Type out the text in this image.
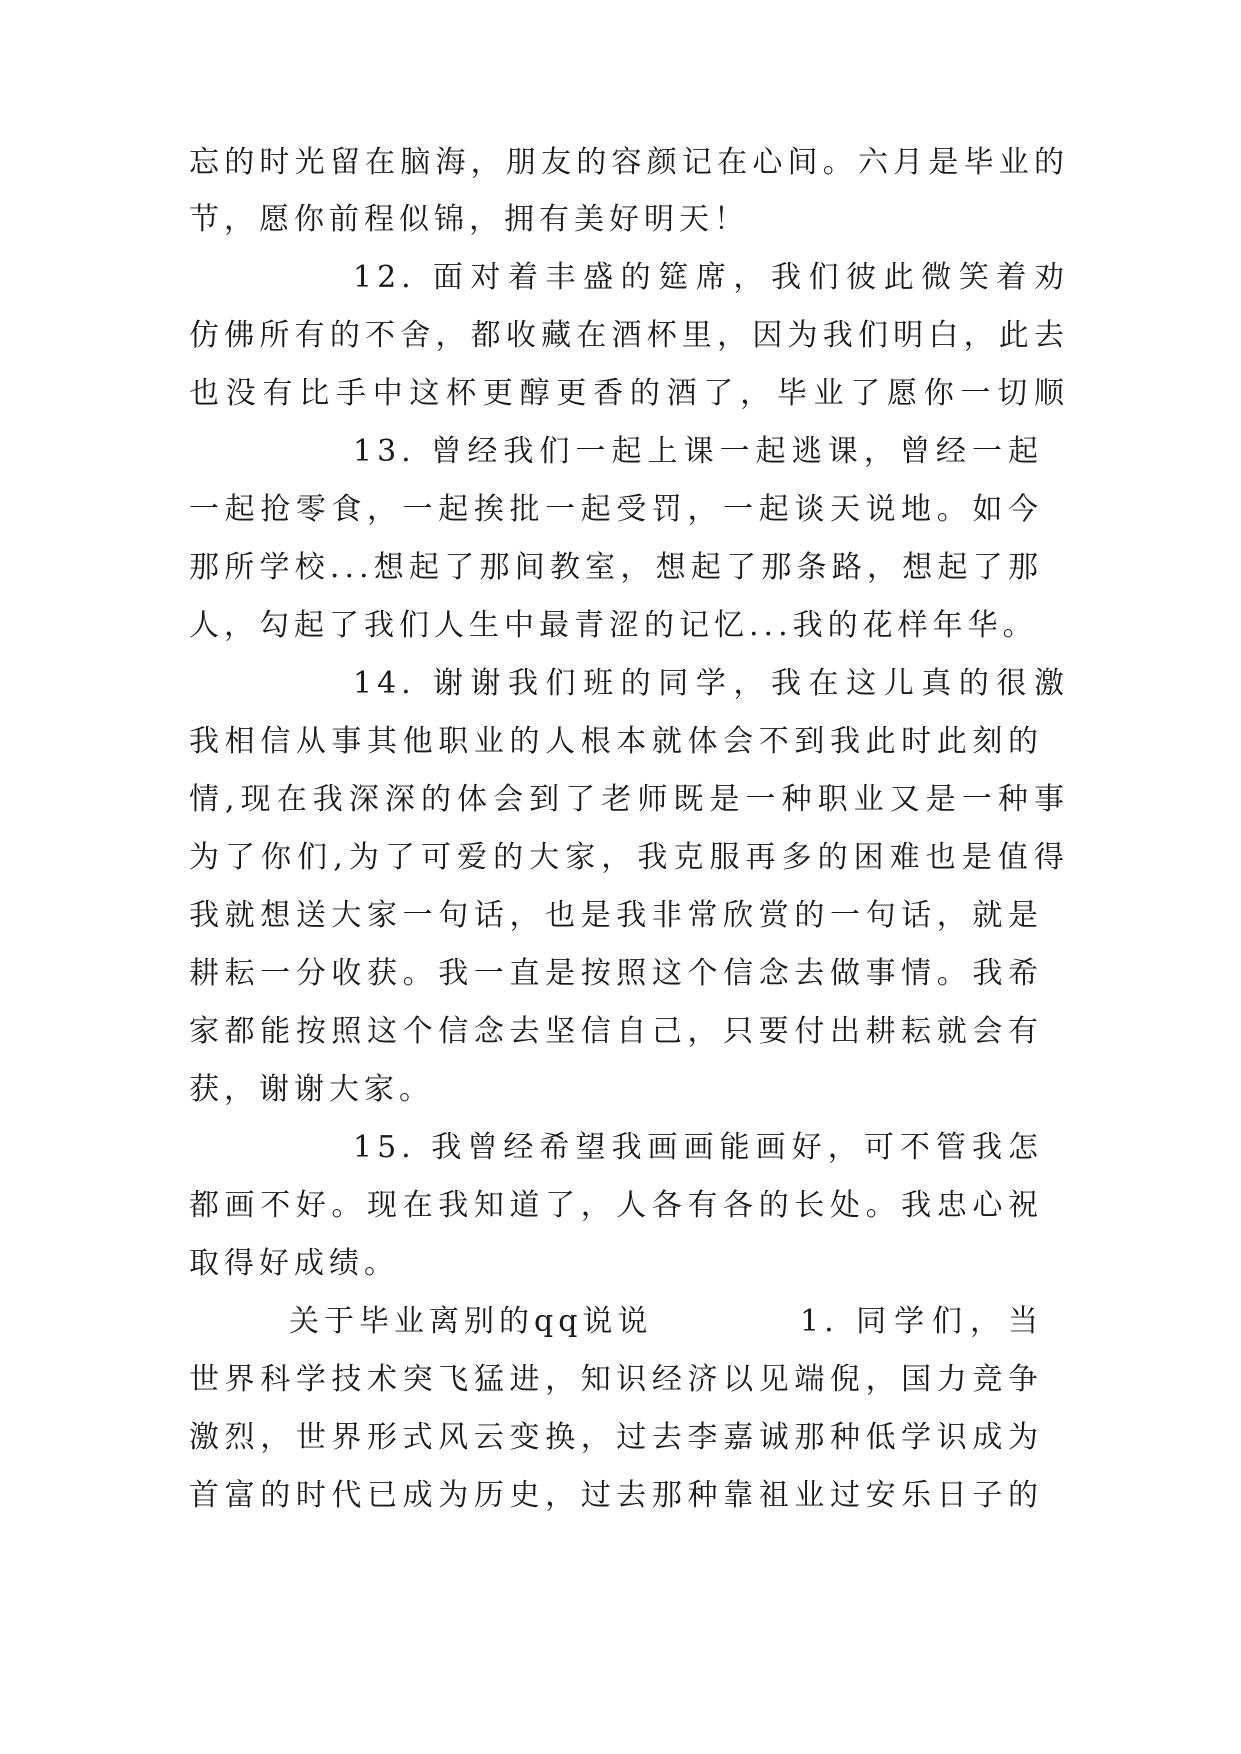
忘的时光留在脑海，朋友的容颜记在心间。六月是毕业的
节，愿你前程似锦，拥有美好明天！
12. 面对着丰盛的筵席，我们彼此微笑着劝
仿佛所有的不舍，都收藏在酒杯里，因为我们明白，此去
也没有比手中这杯更醇更香的酒了，毕业了愿你一切顺
13. 曾经我们一起上课一起逃课，曾经一起
一起抢零食，一起挨批一起受罚，一起谈天说地。如今
那所学校...想起了那间教室，想起了那条路，想起了那
人，勾起了我们人生中最青涩的记忆...我的花样年华。
14. 谢谢我们班的同学，我在这儿真的很激
我相信从事其他职业的人根本就体会不到我此时此刻的
情,现在我深深的体会到了老师既是一种职业又是一种事
为了你们,为了可爱的大家，我克服再多的困难也是值得
我就想送大家一句话，也是我非常欣赏的一句话，就是
耕耘一分收获。我一直是按照这个信念去做事情。我希
家都能按照这个信念去坚信自己，只要付出耕耘就会有
获，谢谢大家。
15. 我曾经希望我画画能画好，可不管我怎
都画不好。现在我知道了，人各有各的长处。我忠心祝
取得好成绩。
关于毕业离别的qq说说	1. 同学们，当
世界科学技术突飞猛进，知识经济以见端倪，国力竞争
激烈，世界形式风云变换，过去李嘉诚那种低学识成为
首富的时代已成为历史，过去那种靠祖业过安乐日子的
